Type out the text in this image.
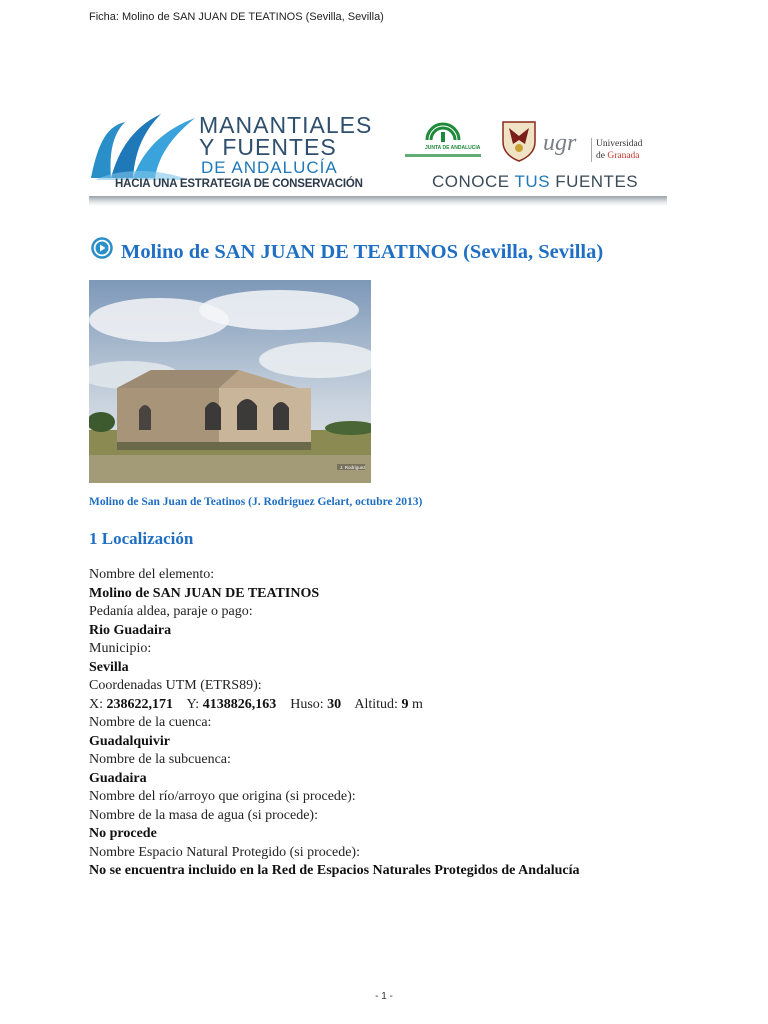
Ficha: Molino de SAN JUAN DE TEATINOS (Sevilla, Sevilla)
MANANTIALES
Y FUENTES
DE ANDALUCÍA
HACIA UNA ESTRATEGIA DE CONSERVACIÓN
JUNTA DE ANDALUCIA	ugr Universidad
de Granada
CONOCE TUS FUENTES
Molino de SAN JUAN DE TEATINOS (Sevilla, Sevilla)
J. Rodríguez
Molino de San Juan de Teatinos (J. Rodriguez Gelart, octubre 2013)
1 Localización
Nombre del elemento:
Molino de SAN JUAN DE TEATINOS
Pedanía aldea, paraje o pago:
Rio Guadaira
Municipio:
Sevilla
Coordenadas UTM (ETRS89):
X: 238622,171 Y: 4138826,163 Huso: 30 Altitud: 9 m
Nombre de la cuenca:
Guadalquivir
Nombre de la subcuenca:
Guadaira
Nombre del río/arroyo que origina (si procede):
Nombre de la masa de agua (si procede):
No procede
Nombre Espacio Natural Protegido (si procede):
No se encuentra incluido en la Red de Espacios Naturales Protegidos de Andalucía
- 1 -
